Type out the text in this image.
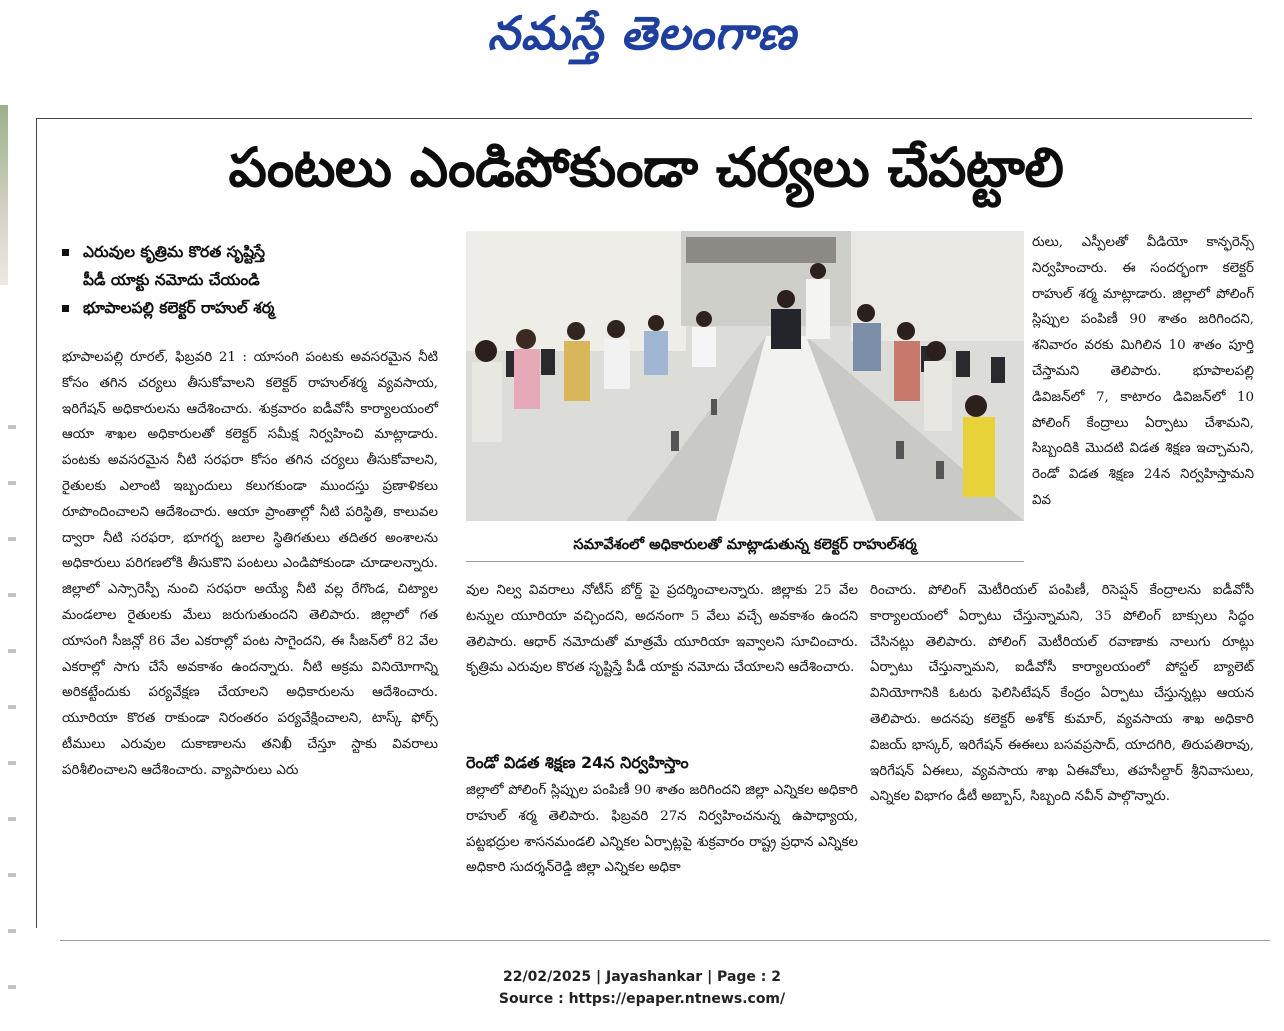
నమస్తే తెలంగాణ
పంటలు ఎండిపోకుండా చర్యలు చేపట్టాలి
ఎరువుల కృత్రిమ కొరత సృష్టిస్తే
పీడీ యాక్టు నమోదు చేయండి
భూపాలపల్లి కలెక్టర్ రాహుల్ శర్మ

భూపాలపల్లి రూరల్, ఫిబ్రవరి 21 : యాసంగి పంటకు అవసరమైన నీటి కోసం తగిన చర్యలు తీసుకోవాలని కలెక్టర్ రాహుల్‌శర్మ వ్యవసాయ, ఇరిగేషన్ అధికారులను ఆదేశించారు. శుక్రవారం ఐడీవోసీ కార్యాలయంలో ఆయా శాఖల అధికారులతో కలెక్టర్ సమీక్ష నిర్వహించి మాట్లాడారు. పంటకు అవసరమైన నీటి సరఫరా కోసం తగిన చర్యలు తీసుకోవాలని, రైతులకు ఎలాంటి ఇబ్బందులు కలుగకుండా ముందస్తు ప్రణాళికలు రూపొందించాలని ఆదేశించారు. ఆయా ప్రాంతాల్లో నీటి పరిస్థితి, కాలువల ద్వారా నీటి సరఫరా, భూగర్భ జలాల స్థితిగతులు తదితర అంశాలను అధికారులు పరిగణలోకి తీసుకొని పంటలు ఎండిపోకుండా చూడాలన్నారు. జిల్లాలో ఎస్సారెస్పీ నుంచి సరఫరా అయ్యే నీటి వల్ల రేగొండ, చిట్యాల మండలాల రైతులకు మేలు జరుగుతుందని తెలిపారు. జిల్లాలో గత యాసంగి సీజన్లో 86 వేల ఎకరాల్లో పంట సాగైందని, ఈ సీజన్‌లో 82 వేల ఎకరాల్లో సాగు చేసే అవకాశం ఉందన్నారు. నీటి అక్రమ వినియోగాన్ని అరికట్టేందుకు పర్యవేక్షణ చేయాలని అధికారులను ఆదేశించారు. యూరియా కొరత రాకుండా నిరంతరం పర్యవేక్షించాలని, టాస్క్ ఫోర్స్ టీములు ఎరువుల దుకాణాలను తనిఖీ చేస్తూ స్టాకు వివరాలు పరిశీలించాలని ఆదేశించారు. వ్యాపారులు ఎరు

సమావేశంలో అధికారులతో మాట్లాడుతున్న కలెక్టర్ రాహుల్‌శర్మ

రులు, ఎస్పీలతో వీడియో కాన్ఫరెన్స్ నిర్వహించారు. ఈ సందర్భంగా కలెక్టర్ రాహుల్ శర్మ మాట్లాడారు. జిల్లాలో పోలింగ్ స్లిప్పుల పంపిణీ 90 శాతం జరిగిందని, శనివారం వరకు మిగిలిన 10 శాతం పూర్తి చేస్తామని తెలిపారు. భూపాలపల్లి డివిజన్‌లో 7, కాటారం డివిజన్‌లో 10 పోలింగ్ కేంద్రాలు ఏర్పాటు చేశామని, సిబ్బందికి మొదటి విడత శిక్షణ ఇచ్చామని, రెండో విడత శిక్షణ 24న నిర్వహిస్తామని వివ

వుల నిల్వ వివరాలు నోటీస్ బోర్డ్ పై ప్రదర్శించాలన్నారు. జిల్లాకు 25 వేల టన్నుల యూరియా వచ్చిందని, అదనంగా 5 వేలు వచ్చే అవకాశం ఉందని తెలిపారు. ఆధార్ నమోదుతో మాత్రమే యూరియా ఇవ్వాలని సూచించారు. కృత్రిమ ఎరువుల కొరత సృష్టిస్తే పీడీ యాక్టు నమోదు చేయాలని ఆదేశించారు.

రెండో విడత శిక్షణ 24న నిర్వహిస్తాం

జిల్లాలో పోలింగ్ స్లిప్పుల పంపిణీ 90 శాతం జరిగిందని జిల్లా ఎన్నికల అధికారి రాహుల్ శర్మ తెలిపారు. ఫిబ్రవరి 27న నిర్వహించనున్న ఉపాధ్యాయ, పట్టభద్రుల శాసనమండలి ఎన్నికల ఏర్పాట్లపై శుక్రవారం రాష్ట్ర ప్రధాన ఎన్నికల అధికారి సుదర్శన్‌రెడ్డి జిల్లా ఎన్నికల అధికా

రించారు. పోలింగ్ మెటీరియల్ పంపిణీ, రిసెప్షన్ కేంద్రాలను ఐడీవోసీ కార్యాలయంలో ఏర్పాటు చేస్తున్నామని, 35 పోలింగ్ బాక్సులు సిద్ధం చేసినట్లు తెలిపారు. పోలింగ్ మెటీరియల్ రవాణాకు నాలుగు రూట్లు ఏర్పాటు చేస్తున్నామని, ఐడీవోసీ కార్యాలయంలో పోస్టల్ బ్యాలెట్ వినియోగానికి ఓటరు ఫెలిసిటేషన్ కేంద్రం ఏర్పాటు చేస్తున్నట్లు ఆయన తెలిపారు. అదనపు కలెక్టర్ అశోక్ కుమార్, వ్యవసాయ శాఖ అధికారి విజయ్ భాస్కర్, ఇరిగేషన్ ఈఈలు బసవప్రసాద్, యాదగిరి, తిరుపతిరావు, ఇరిగేషన్ ఏఈలు, వ్యవసాయ శాఖ ఏఈవోలు, తహసీల్దార్ శ్రీనివాసులు, ఎన్నికల విభాగం డీటీ అబ్బాస్, సిబ్బంది నవీన్ పాల్గొన్నారు.

22/02/2025 | Jayashankar | Page : 2
Source : https://epaper.ntnews.com/
